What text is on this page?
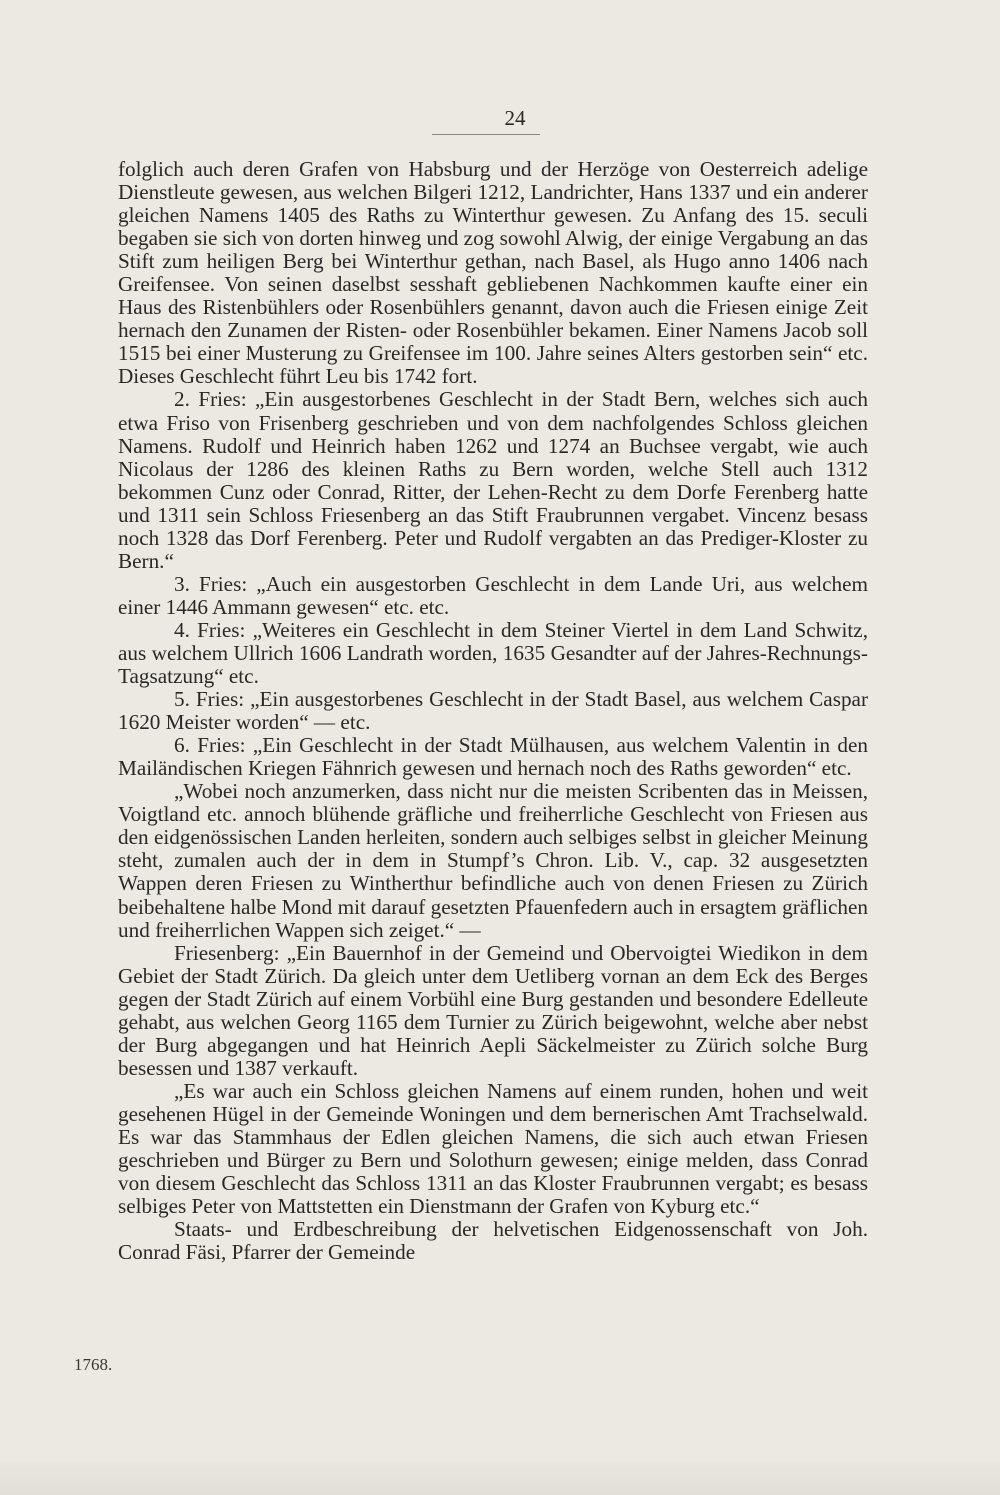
24

folglich auch deren Grafen von Habsburg und der Herzöge von Oesterreich adelige Dienstleute gewesen, aus welchen Bilgeri 1212, Landrichter, Hans 1337 und ein anderer gleichen Namens 1405 des Raths zu Winterthur gewesen. Zu Anfang des 15. seculi begaben sie sich von dorten hinweg und zog sowohl Alwig, der einige Vergabung an das Stift zum heiligen Berg bei Winterthur gethan, nach Basel, als Hugo anno 1406 nach Greifensee. Von seinen daselbst sesshaft gebliebenen Nachkommen kaufte einer ein Haus des Ristenbühlers oder Rosenbühlers genannt, davon auch die Friesen einige Zeit hernach den Zunamen der Risten- oder Rosenbühler bekamen. Einer Namens Jacob soll 1515 bei einer Musterung zu Greifensee im 100. Jahre seines Alters gestorben sein“ etc. Dieses Geschlecht führt Leu bis 1742 fort.

2. Fries: „Ein ausgestorbenes Geschlecht in der Stadt Bern, welches sich auch etwa Friso von Frisenberg geschrieben und von dem nachfolgendes Schloss gleichen Namens. Rudolf und Heinrich haben 1262 und 1274 an Buchsee vergabt, wie auch Nicolaus der 1286 des kleinen Raths zu Bern worden, welche Stell auch 1312 bekommen Cunz oder Conrad, Ritter, der Lehen-Recht zu dem Dorfe Ferenberg hatte und 1311 sein Schloss Friesenberg an das Stift Fraubrunnen vergabet. Vincenz besass noch 1328 das Dorf Ferenberg. Peter und Rudolf vergabten an das Prediger-Kloster zu Bern.“

3. Fries: „Auch ein ausgestorben Geschlecht in dem Lande Uri, aus welchem einer 1446 Ammann gewesen“ etc. etc.

4. Fries: „Weiteres ein Geschlecht in dem Steiner Viertel in dem Land Schwitz, aus welchem Ullrich 1606 Landrath worden, 1635 Gesandter auf der Jahres-Rechnungs-Tagsatzung“ etc.

5. Fries: „Ein ausgestorbenes Geschlecht in der Stadt Basel, aus welchem Caspar 1620 Meister worden“ — etc.

6. Fries: „Ein Geschlecht in der Stadt Mülhausen, aus welchem Valentin in den Mailändischen Kriegen Fähnrich gewesen und hernach noch des Raths geworden“ etc.

„Wobei noch anzumerken, dass nicht nur die meisten Scribenten das in Meissen, Voigtland etc. annoch blühende gräfliche und freiherrliche Geschlecht von Friesen aus den eidgenössischen Landen herleiten, sondern auch selbiges selbst in gleicher Meinung steht, zumalen auch der in dem in Stumpf’s Chron. Lib. V., cap. 32 ausgesetzten Wappen deren Friesen zu Wintherthur befindliche auch von denen Friesen zu Zürich beibehaltene halbe Mond mit darauf gesetzten Pfauenfedern auch in ersagtem gräflichen und freiherrlichen Wappen sich zeiget.“ —

Friesenberg: „Ein Bauernhof in der Gemeind und Obervoigtei Wiedikon in dem Gebiet der Stadt Zürich. Da gleich unter dem Uetliberg vornan an dem Eck des Berges gegen der Stadt Zürich auf einem Vorbühl eine Burg gestanden und besondere Edelleute gehabt, aus welchen Georg 1165 dem Turnier zu Zürich beigewohnt, welche aber nebst der Burg abgegangen und hat Heinrich Aepli Säckelmeister zu Zürich solche Burg besessen und 1387 verkauft.

„Es war auch ein Schloss gleichen Namens auf einem runden, hohen und weit gesehenen Hügel in der Gemeinde Woningen und dem bernerischen Amt Trachselwald. Es war das Stammhaus der Edlen gleichen Namens, die sich auch etwan Friesen geschrieben und Bürger zu Bern und Solothurn gewesen; einige melden, dass Conrad von diesem Geschlecht das Schloss 1311 an das Kloster Fraubrunnen vergabt; es besass selbiges Peter von Mattstetten ein Dienstmann der Grafen von Kyburg etc.“

Staats- und Erdbeschreibung der helvetischen Eidgenossenschaft von Joh. Conrad Fäsi, Pfarrer der Gemeinde

1768.
